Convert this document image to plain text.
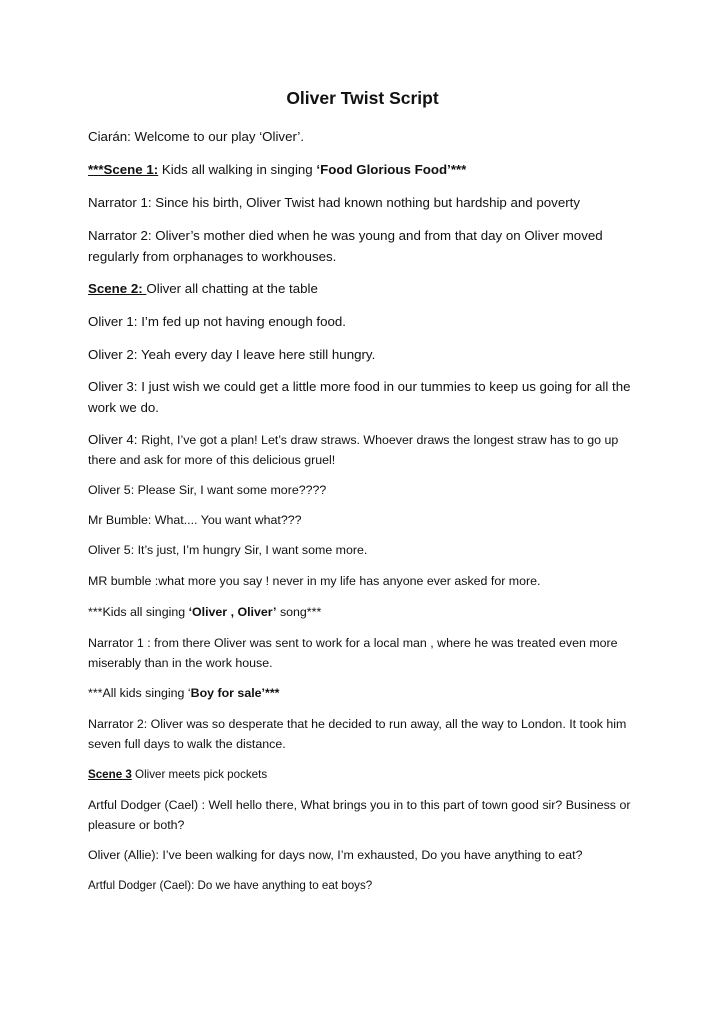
Oliver Twist Script

Ciarán: Welcome to our play ‘Oliver’.

***Scene 1: Kids all walking in singing ‘Food Glorious Food’***

Narrator 1: Since his birth, Oliver Twist had known nothing but hardship and poverty

Narrator 2: Oliver’s mother died when he was young and from that day on Oliver moved regularly from orphanages to workhouses.

Scene 2: Oliver all chatting at the table

Oliver 1: I’m fed up not having enough food.

Oliver 2: Yeah every day I leave here still hungry.

Oliver 3: I just wish we could get a little more food in our tummies to keep us going for all the work we do.

Oliver 4: Right, I’ve got a plan! Let’s draw straws. Whoever draws the longest straw has to go up there and ask for more of this delicious gruel!

Oliver 5: Please Sir, I want some more????

Mr Bumble: What.... You want what???

Oliver 5: It’s just, I’m hungry Sir, I want some more.

MR bumble :what more you say ! never in my life has anyone ever asked for more.

***Kids all singing ‘Oliver , Oliver’ song***

Narrator 1 : from there Oliver was sent to work for a local man , where he was treated even more miserably than in the work house.

***All kids singing ‘Boy for sale’***

Narrator 2: Oliver was so desperate that he decided to run away, all the way to London. It took him seven full days to walk the distance.

Scene 3 Oliver meets pick pockets

Artful Dodger (Cael) : Well hello there, What brings you in to this part of town good sir? Business or pleasure or both?

Oliver (Allie): I’ve been walking for days now, I’m exhausted, Do you have anything to eat?

Artful Dodger (Cael): Do we have anything to eat boys?
